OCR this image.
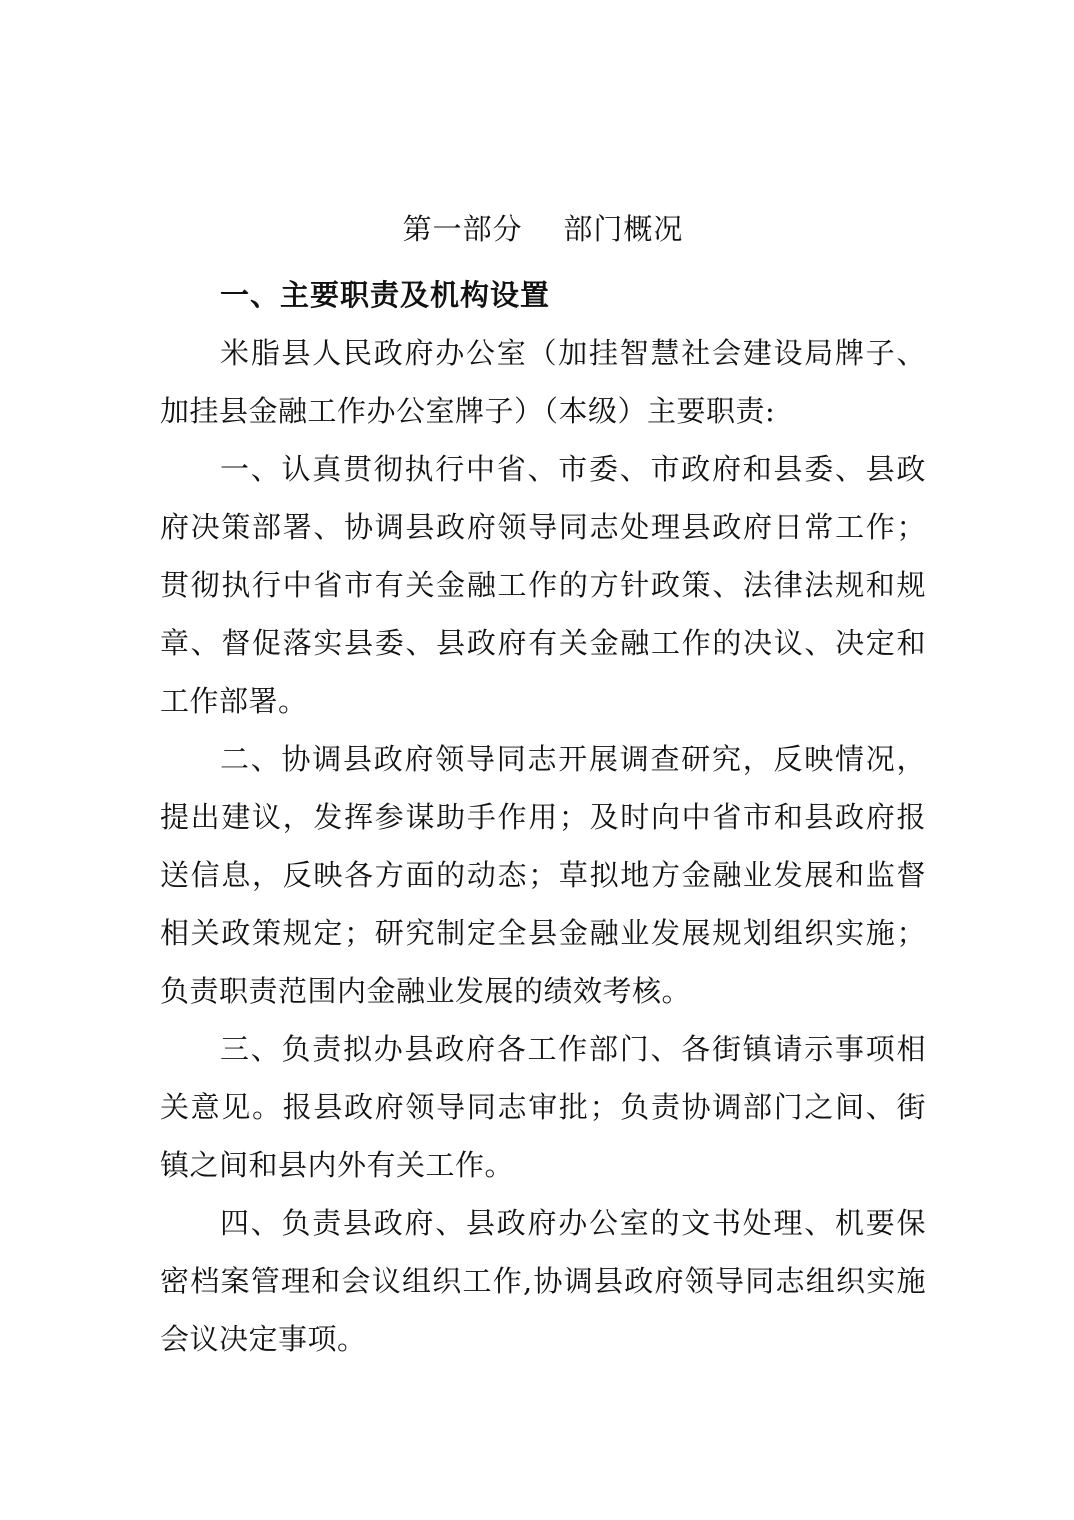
第一部分    部门概况
一、主要职责及机构设置

米脂县人民政府办公室（加挂智慧社会建设局牌子、加挂县金融工作办公室牌子）（本级）主要职责:

一、认真贯彻执行中省、市委、市政府和县委、县政府决策部署、协调县政府领导同志处理县政府日常工作；贯彻执行中省市有关金融工作的方针政策、法律法规和规章、督促落实县委、县政府有关金融工作的决议、决定和工作部署。

二、协调县政府领导同志开展调查研究，反映情况，提出建议，发挥参谋助手作用；及时向中省市和县政府报送信息，反映各方面的动态；草拟地方金融业发展和监督相关政策规定；研究制定全县金融业发展规划组织实施；负责职责范围内金融业发展的绩效考核。

三、负责拟办县政府各工作部门、各街镇请示事项相关意见。报县政府领导同志审批；负责协调部门之间、街镇之间和县内外有关工作。

四、负责县政府、县政府办公室的文书处理、机要保密档案管理和会议组织工作,协调县政府领导同志组织实施会议决定事项。
